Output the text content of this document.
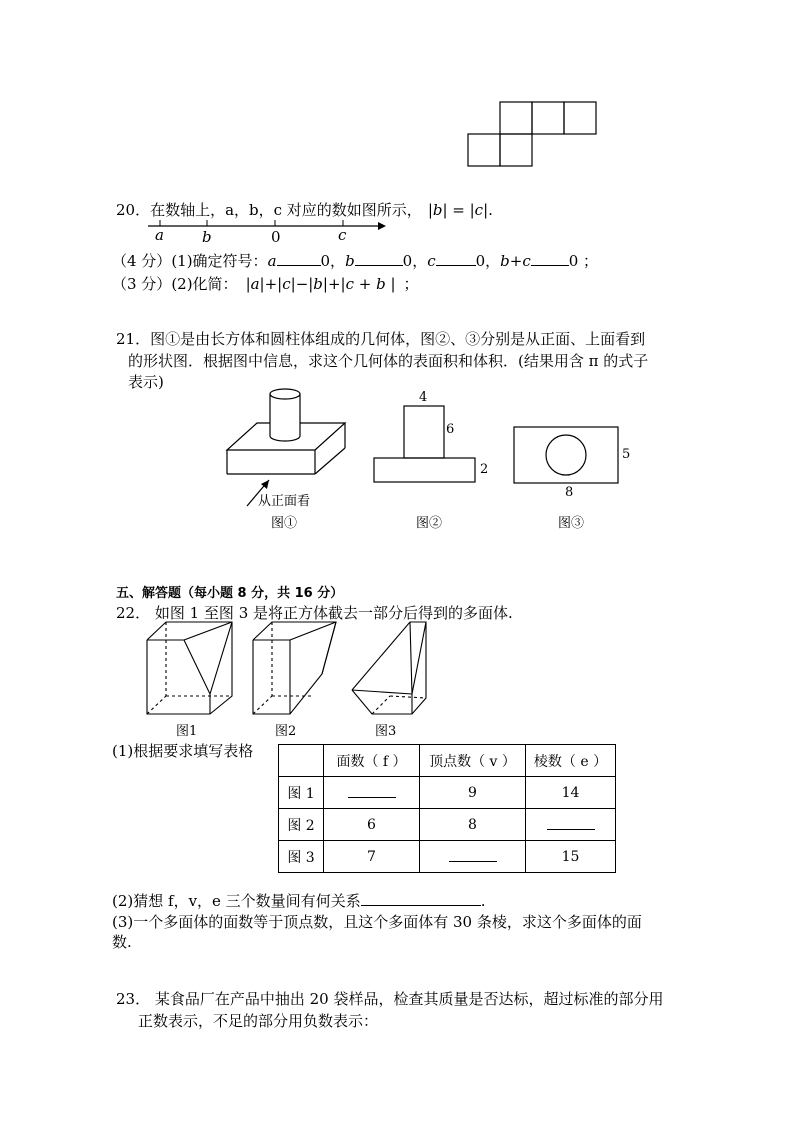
20．在数轴上，a，b，c 对应的数如图所示， |b| = |c|.
a	b	0	c
（4 分）(1)确定符号：a	0，b	0，c	0，b+c	0 ；
（3 分）(2)化简： |a|+|c|−|b|+|c + b | ；
21．图①是由长方体和圆柱体组成的几何体，图②、③分别是从正面、上面看到
的形状图．根据图中信息，求这个几何体的表面积和体积．(结果用含 π 的式子
表示)
从正面看
4
6
2
5
8
图①	图②	图③
五、解答题（每小题 8 分，共 16 分）
22． 如图 1 至图 3 是将正方体截去一部分后得到的多面体.
图1	图2	图3
(1)根据要求填写表格
	面数（ f ）	顶点数（ v ）	棱数（ e ）
图 1		9	14
图 2	6	8	
图 3	7		15
(2)猜想 f，v，e 三个数量间有何关系	.
(3)一个多面体的面数等于顶点数，且这个多面体有 30 条棱，求这个多面体的面
数.
23． 某食品厂在产品中抽出 20 袋样品，检查其质量是否达标，超过标准的部分用
正数表示，不足的部分用负数表示：
